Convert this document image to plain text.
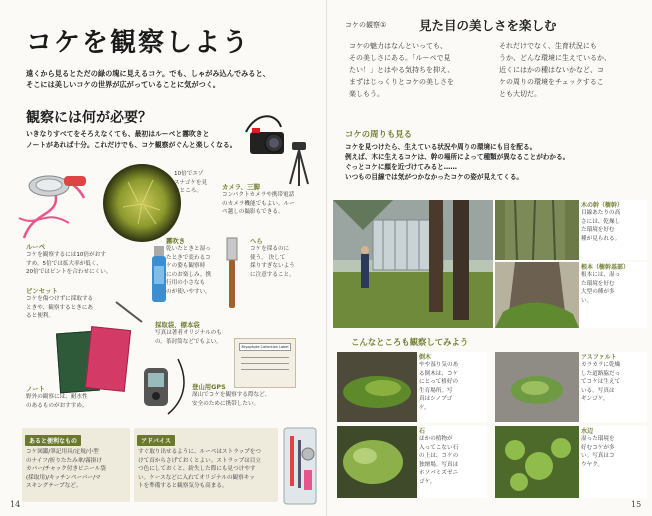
コケを観察しよう
遠くから見るとただの緑の塊に見えるコケ。でも、しゃがみ込んでみると、
そこには美しいコケの世界が広がっていることに気がつく。
観察には何が必要？
いきなりすべてをそろえなくても、最初はルーペと霧吹きと
ノートがあれば十分。これだけでも、コケ観察がぐんと楽しくなる。
10倍でエゾ
スナゴケを見
たところ。
カメラ、三脚
コンパクトカメラや携帯電話
のカメラ機能でもよい。ルー
ペ越しの撮影もできる。
ルーペ
コケを観察するには10倍がおす
すめ。5倍では拡大率が低く、
20倍ではピントを合わせにくい。
霧吹き
乾いたときと湿っ
たときで変わるコ
ケの姿も観察時
にのお楽しみ。携
行用の小さなも
のが使いやすい。
へら
コケを採るのに
使う。 決して
採りすぎないよう
に注意すること。
ピンセット
コケを傷つけずに採取する
ときや、観察するときにあ
ると便利。
採取袋、標本袋
写真は著者オリジナルのも
の。茶封筒などでもよい。
Bryophyte Collection Label
ノート
野外の観察には、耐水性
のあるものがおすすめ。
登山用GPS
深山でコケを観察する際など、
安全のために携帯したい。
あると便利なもの
コケ図鑑/筆記用具/定規/小型
のナイフ/折りたたみ傘/霧掛け
カバー/チャック付きビニール袋
(採取用)/キッチンペーパー/マ
スキングテープなど。
アドバイス
すぐ取り出せるように、ルーペはストラップをつ
けて首からさげておくとよい。ストラップは目立
つ色にしておくと、紛失した際にも見つけやす
い。ケースなどに入れてオリジナルの観察キッ
トを準備すると観察気分も高まる。
14
コケの観察①	見た目の美しさを楽しむ
コケの魅力はなんといっても、
その美しさにある。「ルーペで見
たい！」とはやる気持ちを抑え、
まずはじっくりとコケの美しさを
楽しもう。
それだけでなく、生育状況にも
うか、どんな環境に生えているか、
近くにはかの種はないかなど、コ
ケの周りの環境をチェックするこ
とも大切だ。
コケの周りも見る
コケを見つけたら、生えている状況や周りの環境にも目を配る。
例えば、木に生えるコケは、幹の場所によって種類が異なることがわかる。
ぐっとコケに顔を近づけてみると……
いつもの目線では気がつかなかったコケの姿が見えてくる。
木の幹（樹幹）
目線あたりの高
さには、乾燥し
た環境を好む
種が見られる。
根本（樹幹基部）
根本には、湿っ
た環境を好む
大型の種が多
い。
こんなところも観察してみよう
倒木
やや湿り気のあ
る倒木は、コケ
にとって格好の
生育場所。写
真はシノブゴ
ケ。
アスファルト
カラカラに乾燥
した道路脇だっ
てコケは生えて
いる。写真は
ギンゴケ。
石
ほかの植物が
入ってこない石
の上は、コケの
独壇場。写真は
ホソバミズゼニ
ゴケ。
水辺
湿った環境を
好むコケが多
い。写真はコ
ウヤク。
15
